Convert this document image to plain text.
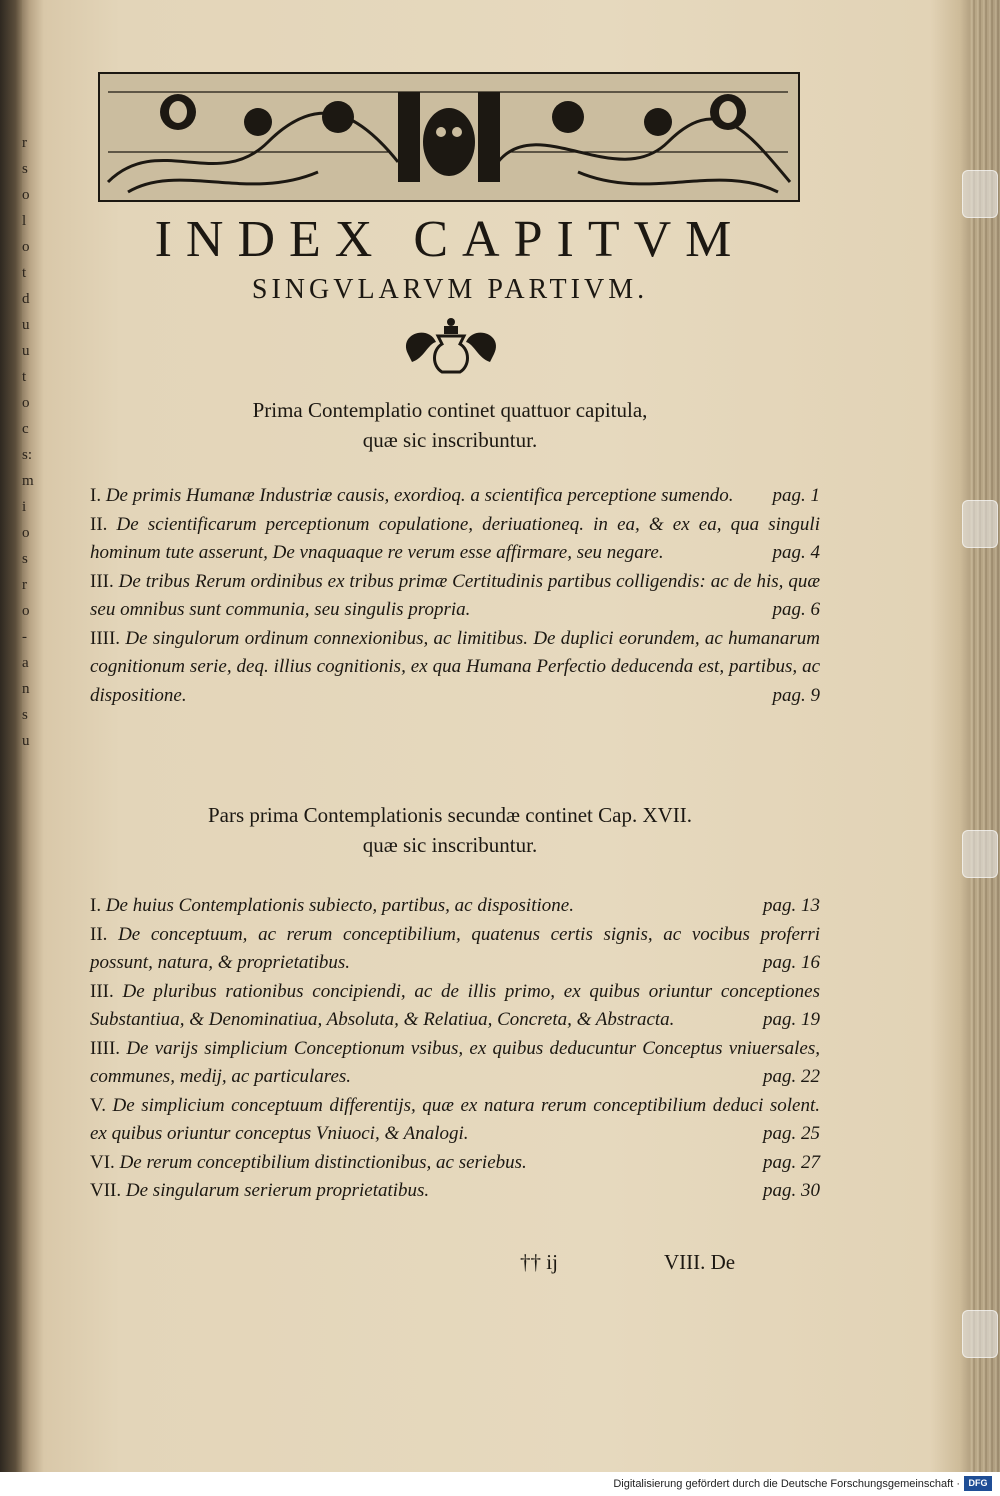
r
s
o
l
o
t
d
u
u
t
o
c
s:
m
i
o
s
r
o
-
a
n
s
u
INDEX CAPITVM
SINGVLARVM PARTIVM.
Prima Contemplatio continet quattuor capitula,
quæ sic inscribuntur.

I. De primis Humanæ Industriæ causis, exordioq. a scientifica perceptione sumendo. pag. 1

II. De scientificarum perceptionum copulatione, deriuationeq. in ea, & ex ea, qua singuli hominum tute asserunt, De vnaquaque re verum esse affirmare, seu negare.	pag. 4

III. De tribus Rerum ordinibus ex tribus primæ Certitudinis partibus colligendis: ac de his, quæ seu omnibus sunt communia, seu singulis propria.	pag. 6

IIII. De singulorum ordinum connexionibus, ac limitibus. De duplici eorundem, ac humanarum cognitionum serie, deq. illius cognitionis, ex qua Humana Perfectio deducenda est, partibus, ac dispositione.	pag. 9

Pars prima Contemplationis secundæ continet Cap. XVII.
quæ sic inscribuntur.

I. De huius Contemplationis subiecto, partibus, ac dispositione.	pag. 13

II. De conceptuum, ac rerum conceptibilium, quatenus certis signis, ac vocibus proferri possunt, natura, & proprietatibus.	pag. 16

III. De pluribus rationibus concipiendi, ac de illis primo, ex quibus oriuntur conceptiones Substantiua, & Denominatiua, Absoluta, & Relatiua, Concreta, & Abstracta.	pag. 19

IIII. De varijs simplicium Conceptionum vsibus, ex quibus deducuntur Conceptus vniuersales, communes, medij, ac particulares.	pag. 22

V. De simplicium conceptuum differentijs, quæ ex natura rerum conceptibilium deduci solent. ex quibus oriuntur conceptus Vniuoci, & Analogi.	pag. 25

VI. De rerum conceptibilium distinctionibus, ac seriebus.	pag. 27

VII. De singularum serierum proprietatibus.	pag. 30

†† ij	VIII. De
Digitalisierung gefördert durch die Deutsche Forschungsgemeinschaft · DFG
